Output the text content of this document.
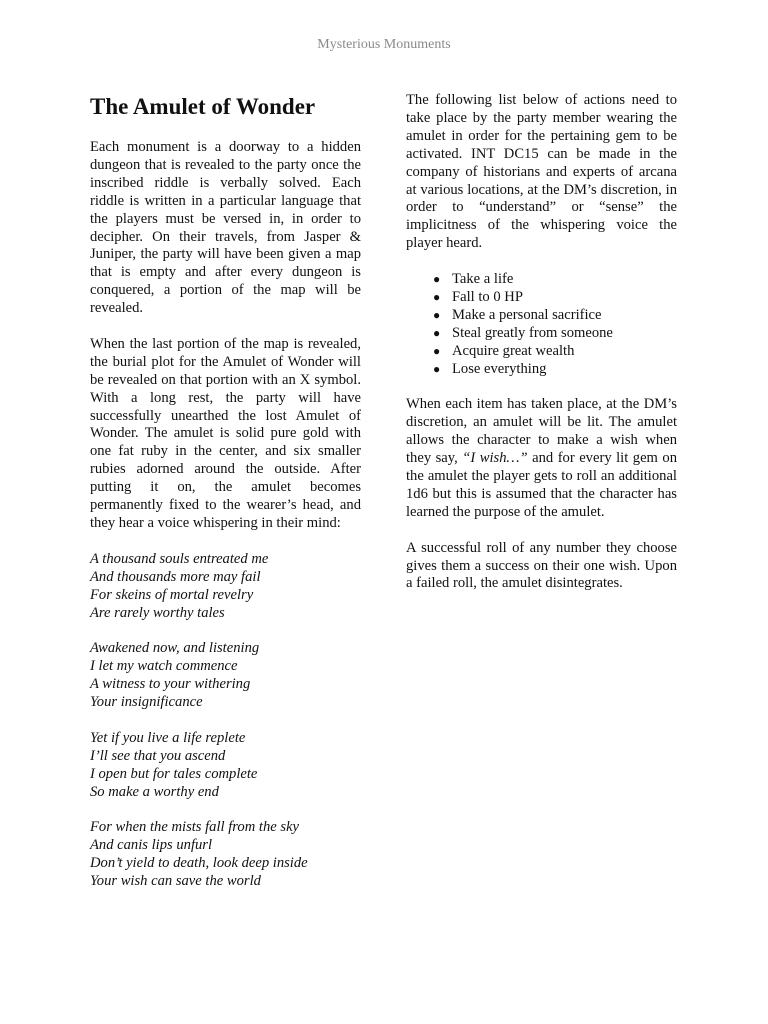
Mysterious Monuments
The Amulet of Wonder

Each monument is a doorway to a hidden dungeon that is revealed to the party once the inscribed riddle is verbally solved. Each riddle is written in a particular language that the players must be versed in, in order to decipher. On their travels, from Jasper & Juniper, the party will have been given a map that is empty and after every dungeon is conquered, a portion of the map will be revealed.

When the last portion of the map is revealed, the burial plot for the Amulet of Wonder will be revealed on that portion with an X symbol. With a long rest, the party will have successfully unearthed the lost Amulet of Wonder. The amulet is solid pure gold with one fat ruby in the center, and six smaller rubies adorned around the outside. After putting it on, the amulet becomes permanently fixed to the wearer’s head, and they hear a voice whispering in their mind:

A thousand souls entreated me
And thousands more may fail
For skeins of mortal revelry
Are rarely worthy tales
Awakened now, and listening
I let my watch commence
A witness to your withering
Your insignificance
Yet if you live a life replete
I’ll see that you ascend
I open but for tales complete
So make a worthy end
For when the mists fall from the sky
And canis lips unfurl
Don’t yield to death, look deep inside
Your wish can save the world

The following list below of actions need to take place by the party member wearing the amulet in order for the pertaining gem to be activated. INT DC15 can be made in the company of historians and experts of arcana at various locations, at the DM’s discretion, in order to “understand” or “sense” the implicitness of the whispering voice the player heard.

● Take a life
● Fall to 0 HP
● Make a personal sacrifice
● Steal greatly from someone
● Acquire great wealth
● Lose everything

When each item has taken place, at the DM’s discretion, an amulet will be lit. The amulet allows the character to make a wish when they say, “I wish…” and for every lit gem on the amulet the player gets to roll an additional 1d6 but this is assumed that the character has learned the purpose of the amulet.

A successful roll of any number they choose gives them a success on their one wish. Upon a failed roll, the amulet disintegrates.
